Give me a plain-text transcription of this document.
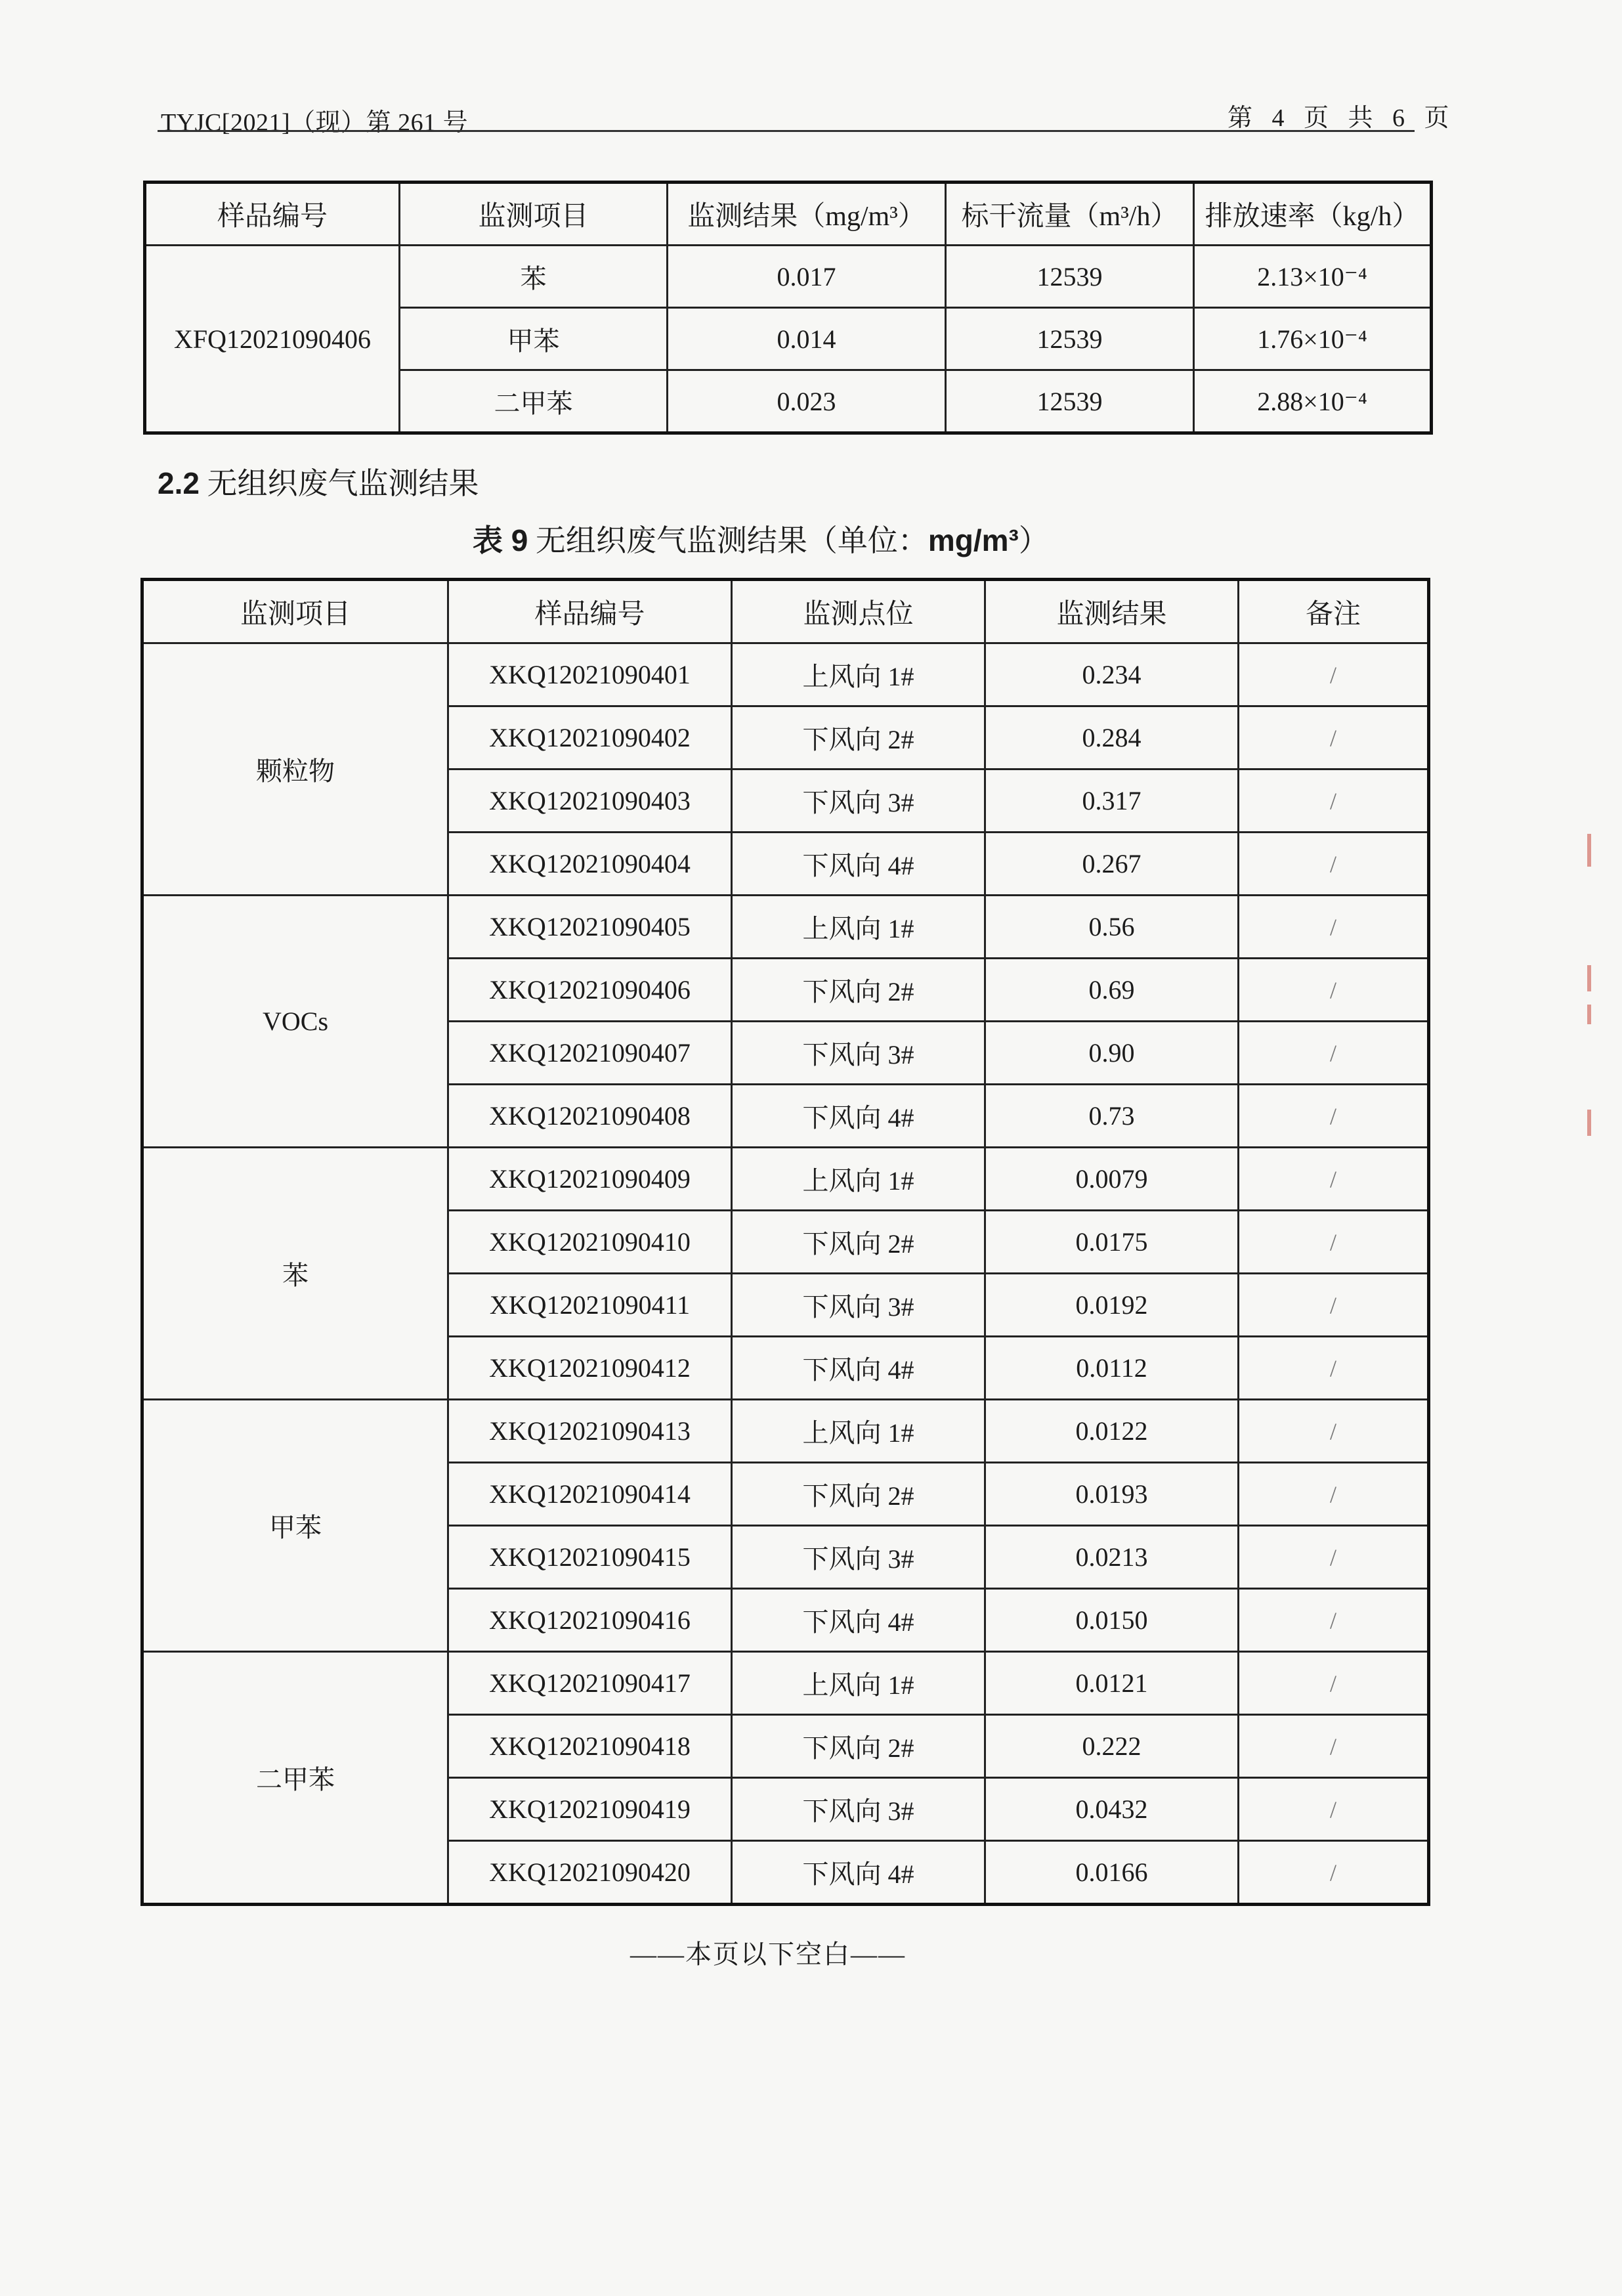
TYJC[2021]（现）第 261 号	第 4 页 共 6 页
样品编号	监测项目	监测结果（mg/m³）	标干流量（m³/h）	排放速率（kg/h）
XFQ12021090406	苯	0.017	12539	2.13×10⁻⁴
	甲苯	0.014	12539	1.76×10⁻⁴
	二甲苯	0.023	12539	2.88×10⁻⁴
2.2 无组织废气监测结果
表 9 无组织废气监测结果（单位：mg/m³）
监测项目	样品编号	监测点位	监测结果	备注
颗粒物	XKQ12021090401	上风向 1#	0.234	/
	XKQ12021090402	下风向 2#	0.284	/
	XKQ12021090403	下风向 3#	0.317	/
	XKQ12021090404	下风向 4#	0.267	/
VOCs	XKQ12021090405	上风向 1#	0.56	/
	XKQ12021090406	下风向 2#	0.69	/
	XKQ12021090407	下风向 3#	0.90	/
	XKQ12021090408	下风向 4#	0.73	/
苯	XKQ12021090409	上风向 1#	0.0079	/
	XKQ12021090410	下风向 2#	0.0175	/
	XKQ12021090411	下风向 3#	0.0192	/
	XKQ12021090412	下风向 4#	0.0112	/
甲苯	XKQ12021090413	上风向 1#	0.0122	/
	XKQ12021090414	下风向 2#	0.0193	/
	XKQ12021090415	下风向 3#	0.0213	/
	XKQ12021090416	下风向 4#	0.0150	/
二甲苯	XKQ12021090417	上风向 1#	0.0121	/
	XKQ12021090418	下风向 2#	0.222	/
	XKQ12021090419	下风向 3#	0.0432	/
	XKQ12021090420	下风向 4#	0.0166	/
——本页以下空白——
